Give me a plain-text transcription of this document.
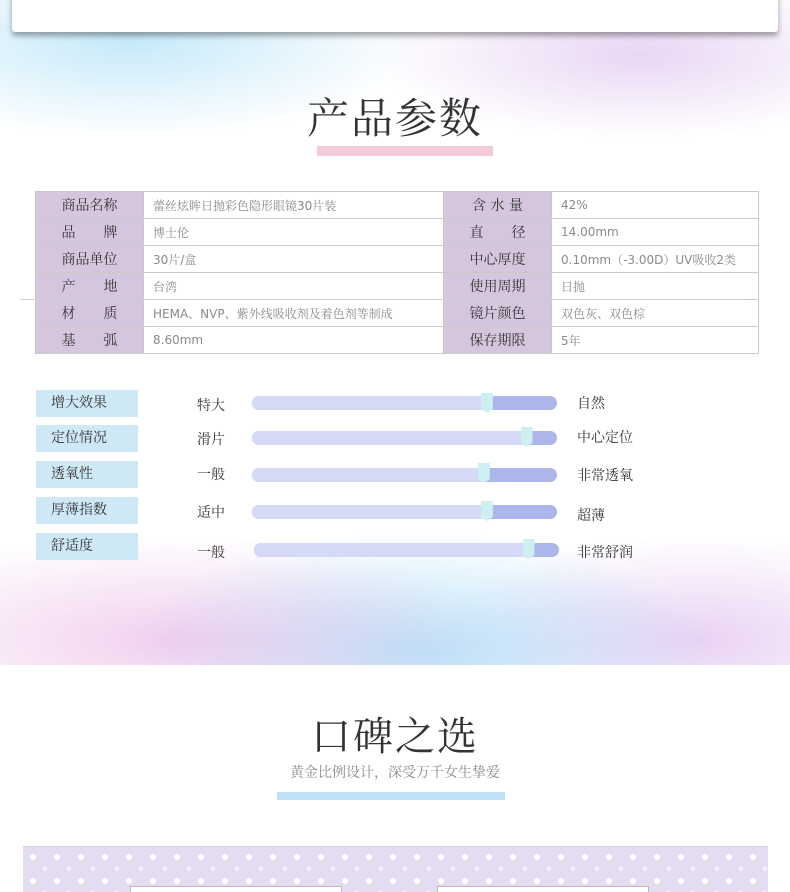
产品参数
商品名称	蕾丝炫眸日抛彩色隐形眼镜30片装	含 水 量	42%
品　　牌	博士伦	直　　径	14.00mm
商品单位	30片/盒	中心厚度	0.10mm（-3.00D）UV吸收2类
产　　地	台湾	使用周期	日抛
材　　质	HEMA、NVP、紫外线吸收剂及着色剂等制成	镜片颜色	双色灰、双色棕
基　　弧	8.60mm	保存期限	5年
增大效果	特大	自然
定位情况	滑片	中心定位
透氧性	一般	非常透氧
厚薄指数	适中	超薄
舒适度	一般	非常舒润
口碑之选
黄金比例设计，深受万千女生挚爱
